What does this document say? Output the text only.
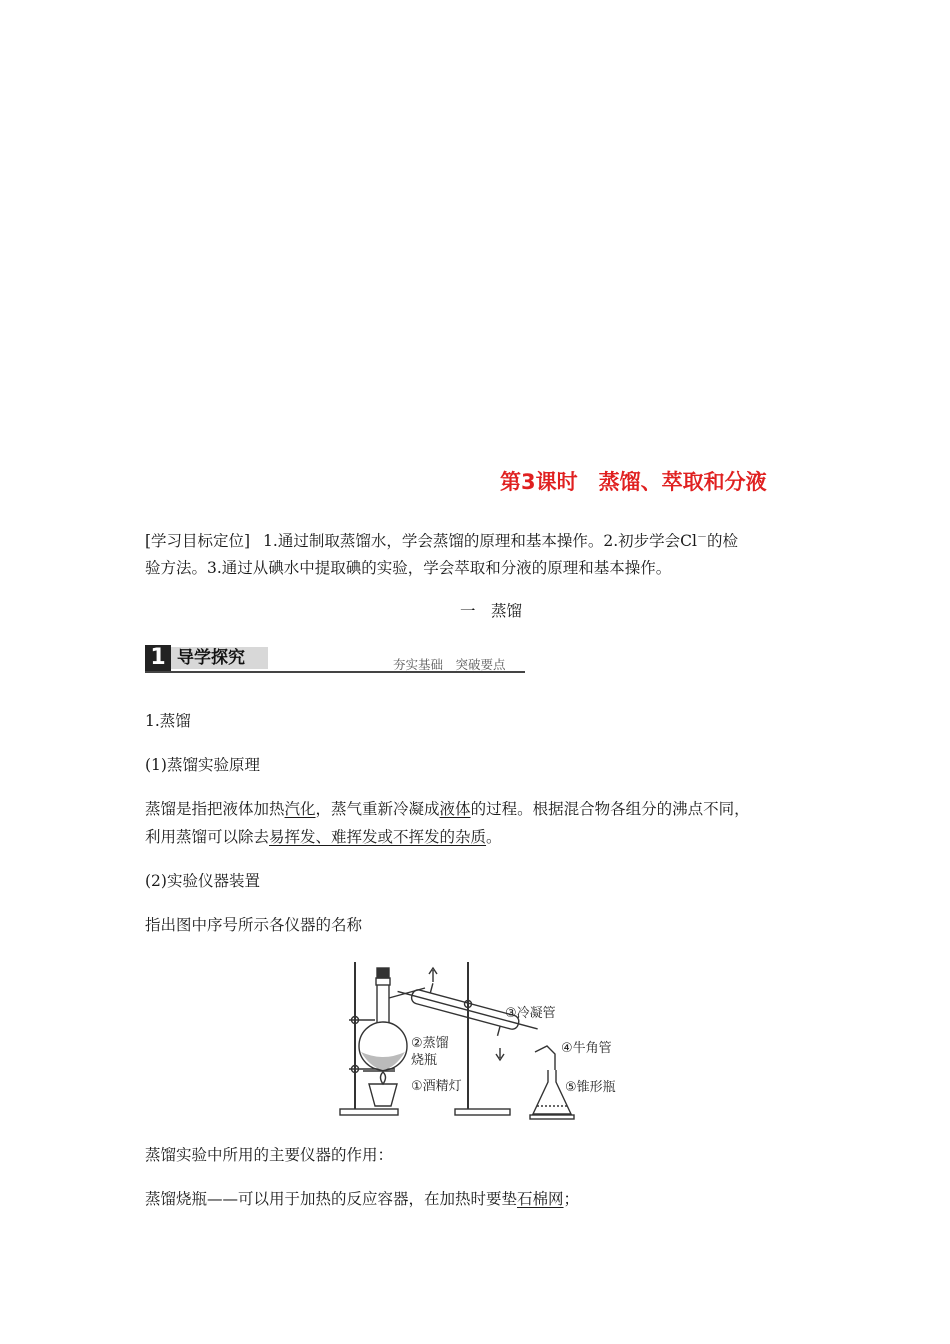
第3课时　蒸馏、萃取和分液
[学习目标定位] 1.通过制取蒸馏水，学会蒸馏的原理和基本操作。2.初步学会Cl－的检
验方法。3.通过从碘水中提取碘的实验，学会萃取和分液的原理和基本操作。
一　蒸馏
1 导学探究	夯实基础　突破要点
1.蒸馏
(1)蒸馏实验原理
蒸馏是指把液体加热汽化，蒸气重新冷凝成液体的过程。根据混合物各组分的沸点不同，
利用蒸馏可以除去易挥发、难挥发或不挥发的杂质。
(2)实验仪器装置
指出图中序号所示各仪器的名称
③冷凝管
②蒸馏
烧瓶
④牛角管
①酒精灯	⑤锥形瓶
蒸馏实验中所用的主要仪器的作用：
蒸馏烧瓶——可以用于加热的反应容器，在加热时要垫石棉网；
